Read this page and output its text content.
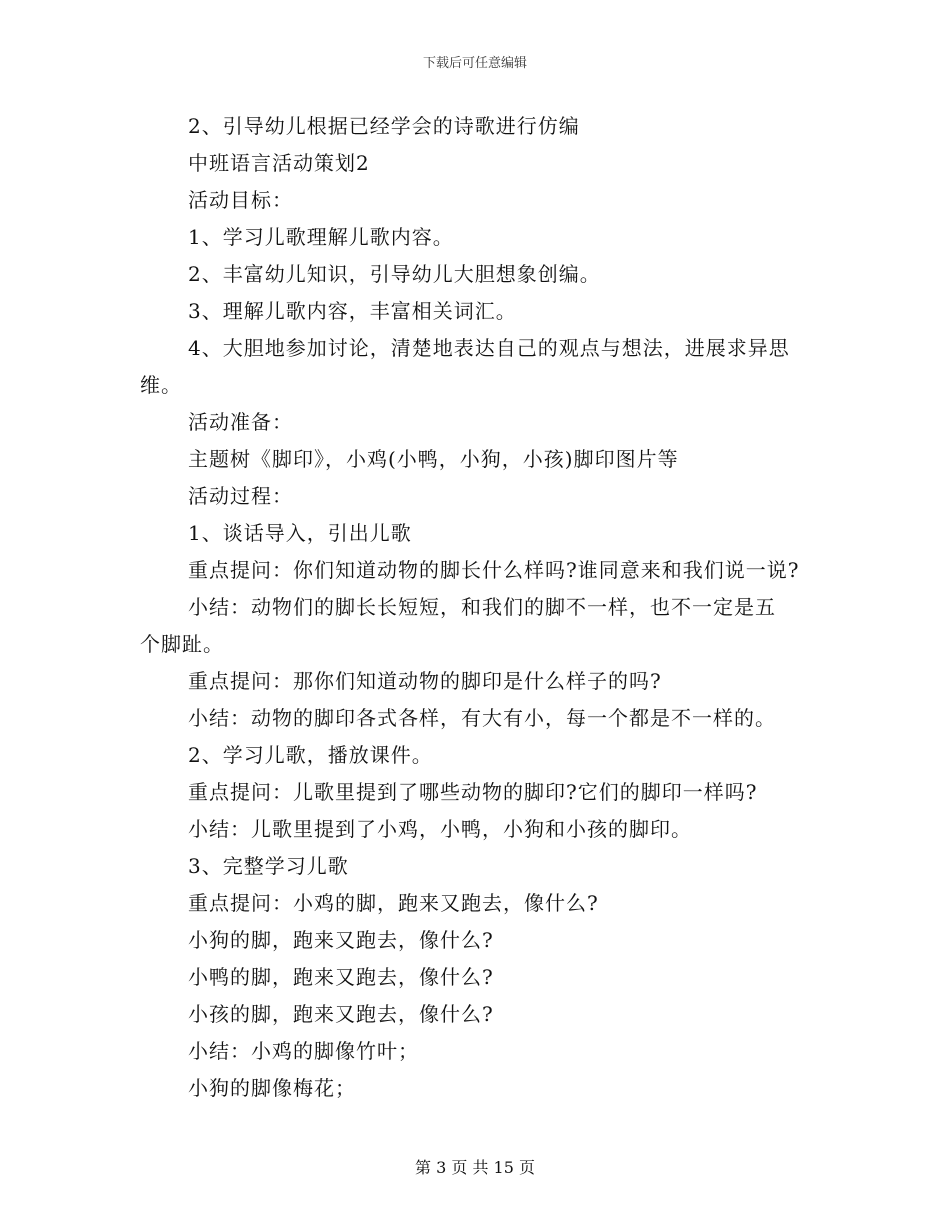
下载后可任意编辑
2、引导幼儿根据已经学会的诗歌进行仿编
中班语言活动策划2
活动目标：
1、学习儿歌理解儿歌内容。
2、丰富幼儿知识，引导幼儿大胆想象创编。
3、理解儿歌内容，丰富相关词汇。
4、大胆地参加讨论，清楚地表达自己的观点与想法，进展求异思
维。
活动准备：
主题树《脚印》，小鸡(小鸭，小狗，小孩)脚印图片等
活动过程：
1、谈话导入，引出儿歌
重点提问：你们知道动物的脚长什么样吗?谁同意来和我们说一说?
小结：动物们的脚长长短短，和我们的脚不一样，也不一定是五
个脚趾。
重点提问：那你们知道动物的脚印是什么样子的吗?
小结：动物的脚印各式各样，有大有小，每一个都是不一样的。
2、学习儿歌，播放课件。
重点提问：儿歌里提到了哪些动物的脚印?它们的脚印一样吗?
小结：儿歌里提到了小鸡，小鸭，小狗和小孩的脚印。
3、完整学习儿歌
重点提问：小鸡的脚，跑来又跑去，像什么?
小狗的脚，跑来又跑去，像什么?
小鸭的脚，跑来又跑去，像什么?
小孩的脚，跑来又跑去，像什么?
小结：小鸡的脚像竹叶；
小狗的脚像梅花；
第 3 页 共 15 页
